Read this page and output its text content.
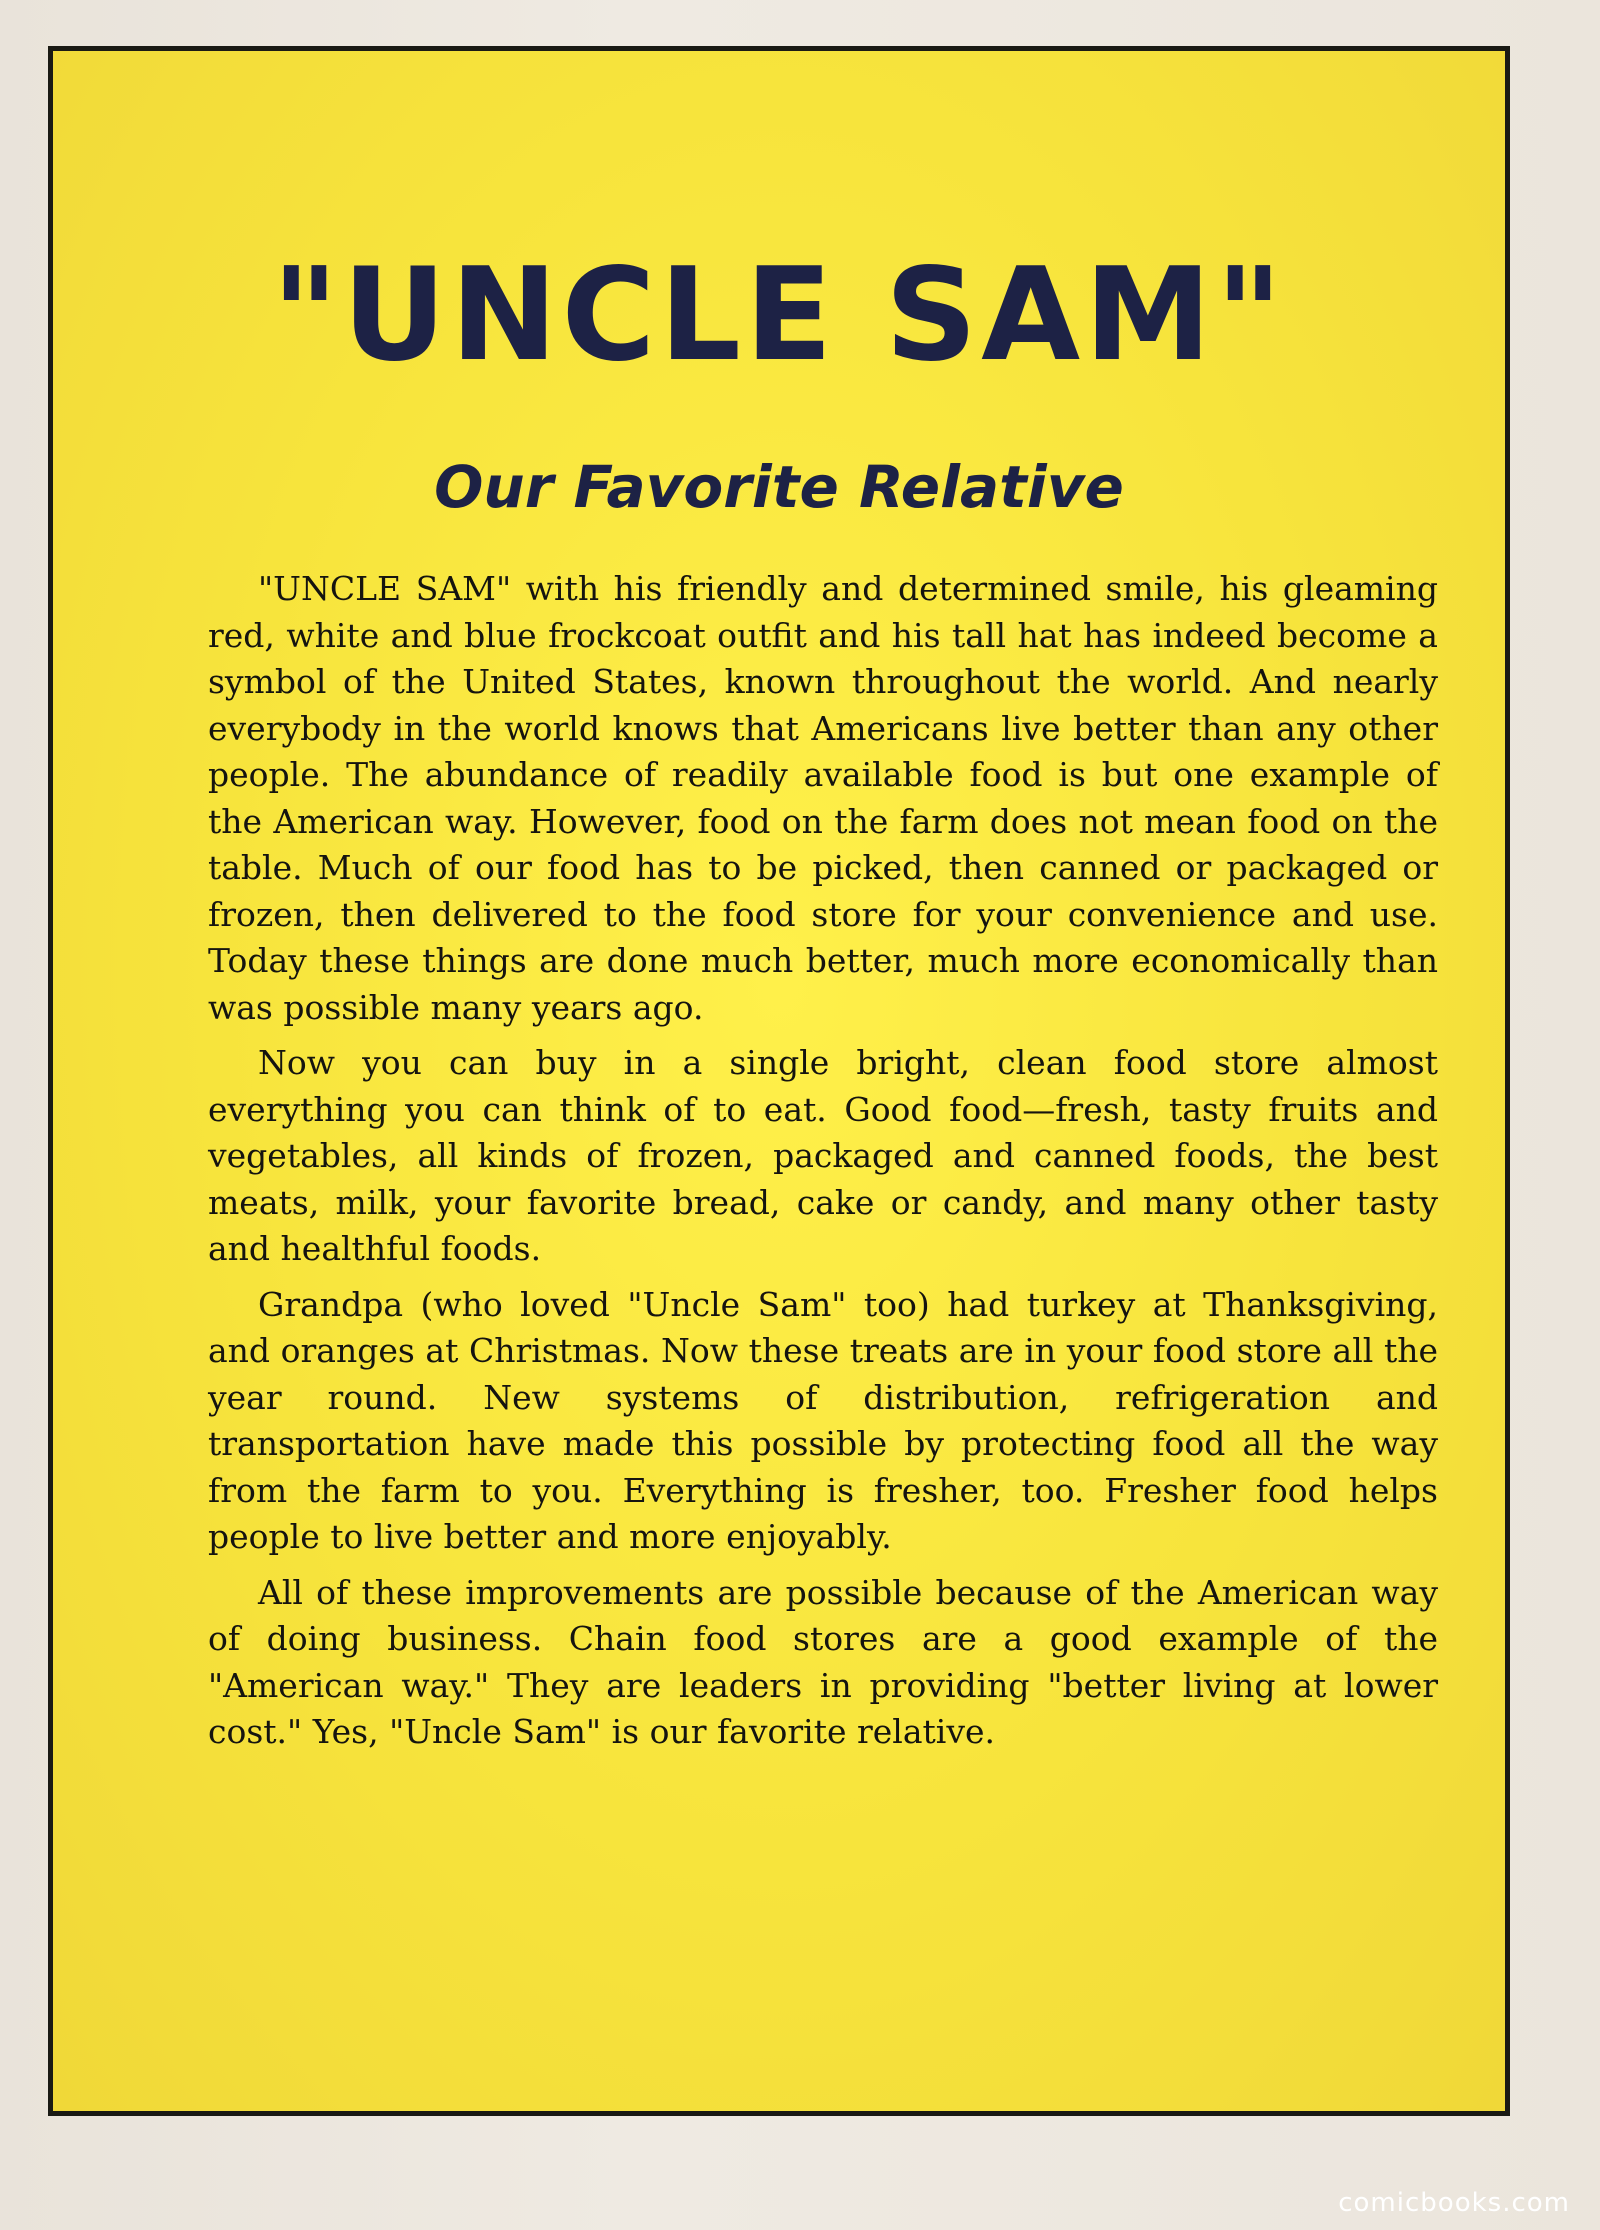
"UNCLE SAM"
Our Favorite Relative

"UNCLE SAM" with his friendly and determined smile, his gleaming red, white and blue frockcoat outfit and his tall hat has indeed become a symbol of the United States, known throughout the world. And nearly everybody in the world knows that Americans live better than any other people. The abundance of readily available food is but one example of the American way. However, food on the farm does not mean food on the table. Much of our food has to be picked, then canned or packaged or frozen, then delivered to the food store for your convenience and use. Today these things are done much better, much more economically than was possible many years ago.

Now you can buy in a single bright, clean food store almost everything you can think of to eat. Good food—fresh, tasty fruits and vegetables, all kinds of frozen, packaged and canned foods, the best meats, milk, your favorite bread, cake or candy, and many other tasty and healthful foods.

Grandpa (who loved "Uncle Sam" too) had turkey at Thanksgiving, and oranges at Christmas. Now these treats are in your food store all the year round. New systems of distribution, refrigeration and transportation have made this possible by protecting food all the way from the farm to you. Everything is fresher, too. Fresher food helps people to live better and more enjoyably.

All of these improvements are possible because of the American way of doing business. Chain food stores are a good example of the "American way." They are leaders in providing "better living at lower cost." Yes, "Uncle Sam" is our favorite relative.

comicbooks.com
